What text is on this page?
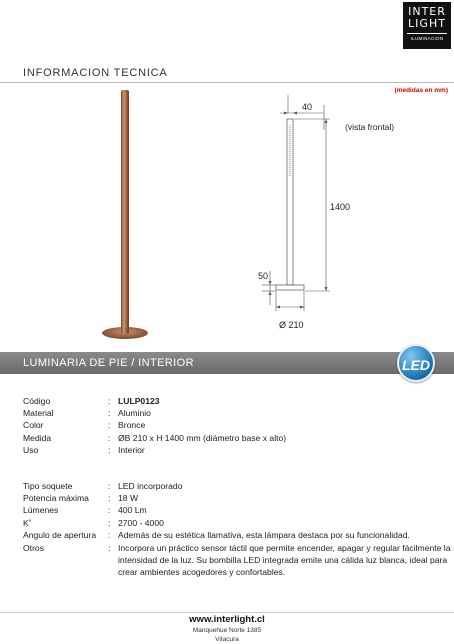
INTER
LIGHT
ILUMINACION
INFORMACION TECNICA
(medidas en mm)
40
(vista frontal)
1400
50
Ø 210
LUMINARIA DE PIE / INTERIOR	LED
Código	: LULP0123
Material	: Aluminio
Color	: Bronce
Medida	: ØB 210 x H 1400 mm (diámetro base x alto)
Uso	: Interior
Tipo soquete	: LED incorporado
Potencia máxima : 18 W
Lúmenes	: 400 Lm
K˚	: 2700 - 4000
Angulo de apertura : Además de su estética llamativa, esta lámpara destaca por su funcionalidad.
Otros	: Incorpora un práctico sensor táctil que permite encender, apagar y regular fácilmente la intensidad de la luz. Su bombilla LED integrada emite una cálida luz blanca, ideal para crear ambientes acogedores y confortables.
www.interlight.cl
Manquehue Norte 1385
Vitacura
